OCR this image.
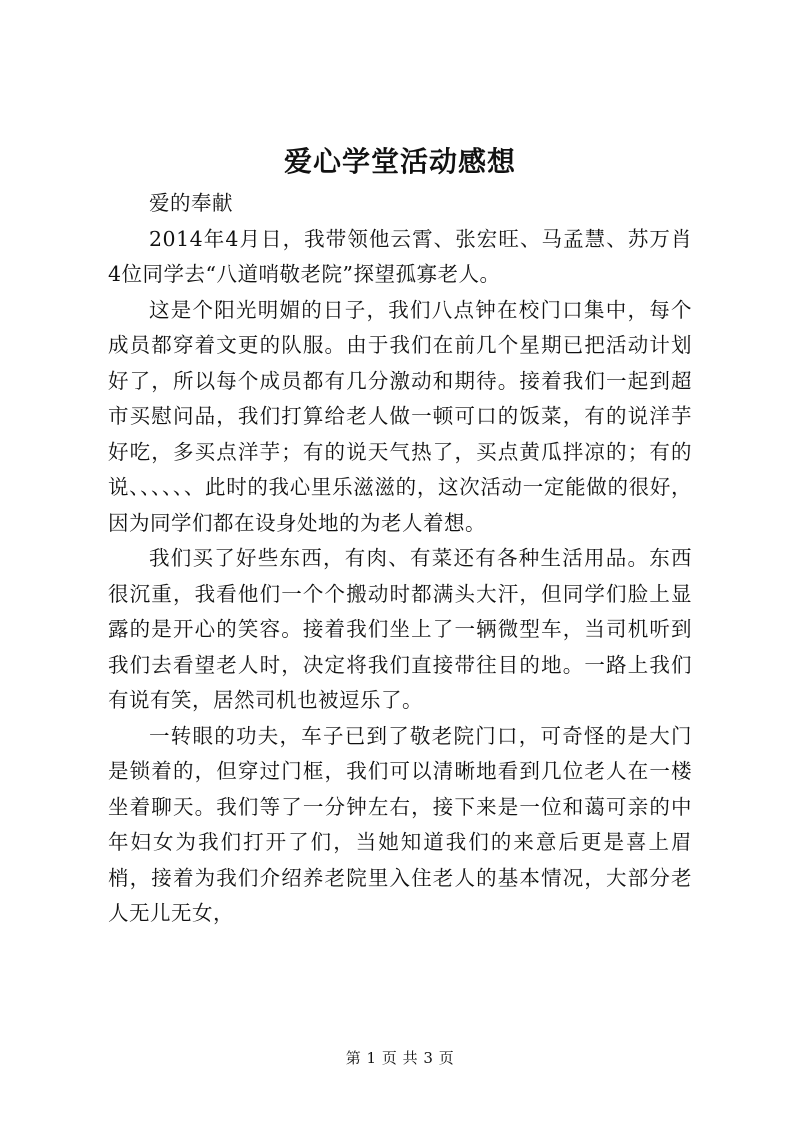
爱心学堂活动感想

爱的奉献

2014年4月日，我带领他云霄、张宏旺、马孟慧、苏万肖4位同学去“八道哨敬老院”探望孤寡老人。

这是个阳光明媚的日子，我们八点钟在校门口集中，每个成员都穿着文更的队服。由于我们在前几个星期已把活动计划好了，所以每个成员都有几分激动和期待。接着我们一起到超市买慰问品，我们打算给老人做一顿可口的饭菜，有的说洋芋好吃，多买点洋芋；有的说天气热了，买点黄瓜拌凉的；有的说、、、、、、此时的我心里乐滋滋的，这次活动一定能做的很好，因为同学们都在设身处地的为老人着想。

我们买了好些东西，有肉、有菜还有各种生活用品。东西很沉重，我看他们一个个搬动时都满头大汗，但同学们脸上显露的是开心的笑容。接着我们坐上了一辆微型车，当司机听到我们去看望老人时，决定将我们直接带往目的地。一路上我们有说有笑，居然司机也被逗乐了。

一转眼的功夫，车子已到了敬老院门口，可奇怪的是大门是锁着的，但穿过门框，我们可以清晰地看到几位老人在一楼坐着聊天。我们等了一分钟左右，接下来是一位和蔼可亲的中年妇女为我们打开了们，当她知道我们的来意后更是喜上眉梢，接着为我们介绍养老院里入住老人的基本情况，大部分老人无儿无女，

第 1 页 共 3 页
